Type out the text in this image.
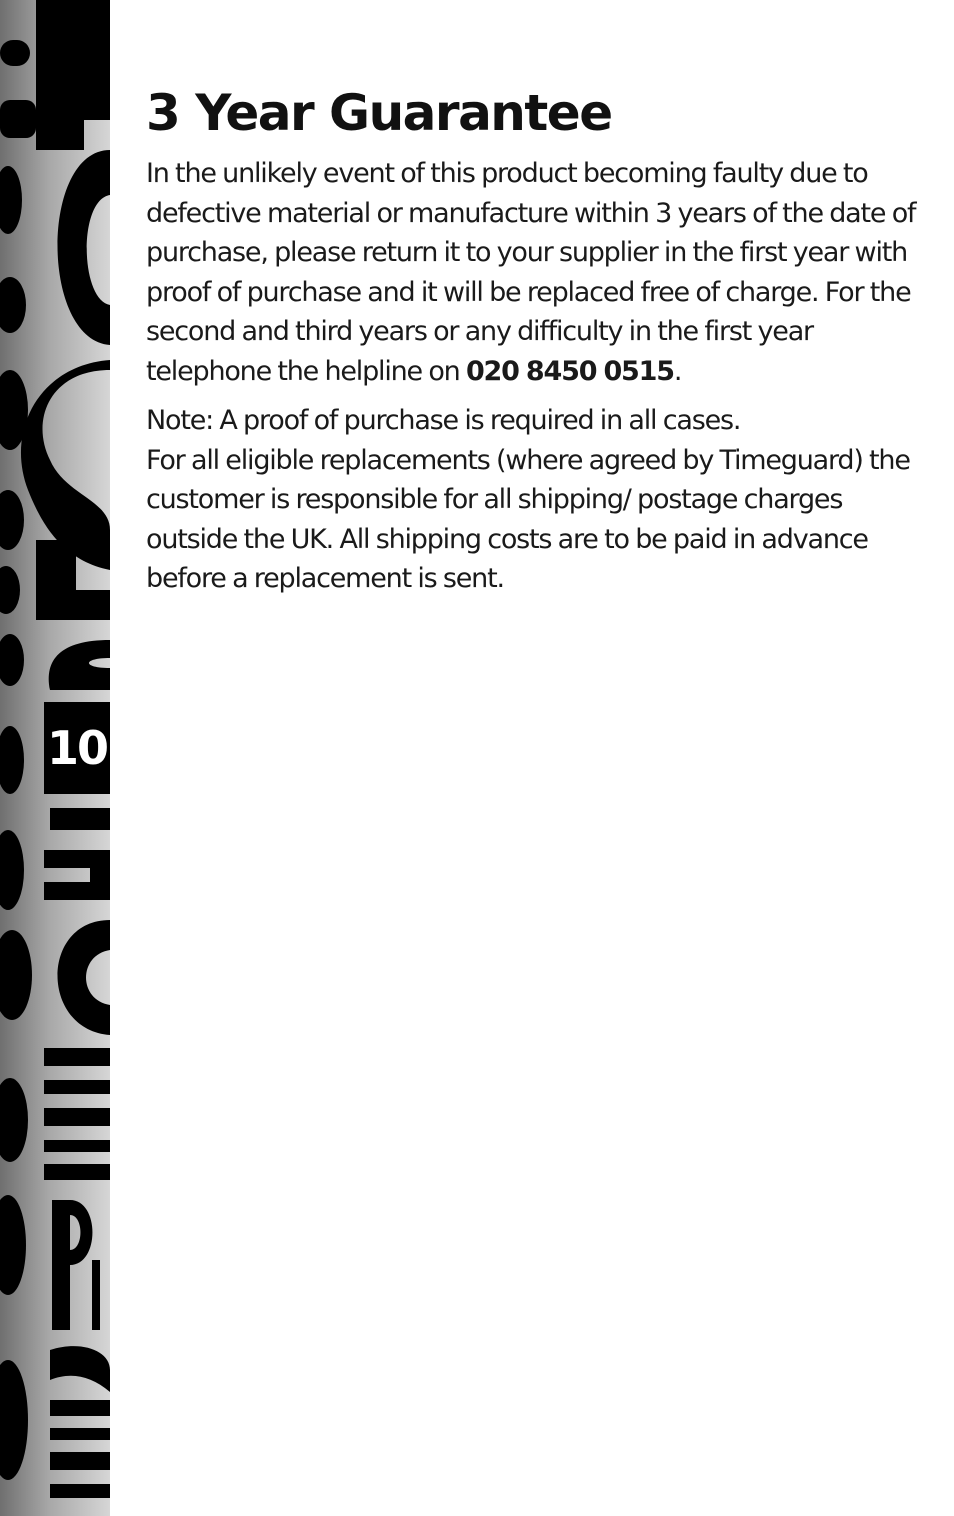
10
3 Year Guarantee

In the unlikely event of this product becoming faulty due to defective material or manufacture within 3 years of the date of purchase, please return it to your supplier in the first year with proof of purchase and it will be replaced free of charge. For the second and third years or any difficulty in the first year telephone the helpline on 020 8450 0515.

Note: A proof of purchase is required in all cases.
For all eligible replacements (where agreed by Timeguard) the customer is responsible for all shipping/ postage charges outside the UK. All shipping costs are to be paid in advance before a replacement is sent.
